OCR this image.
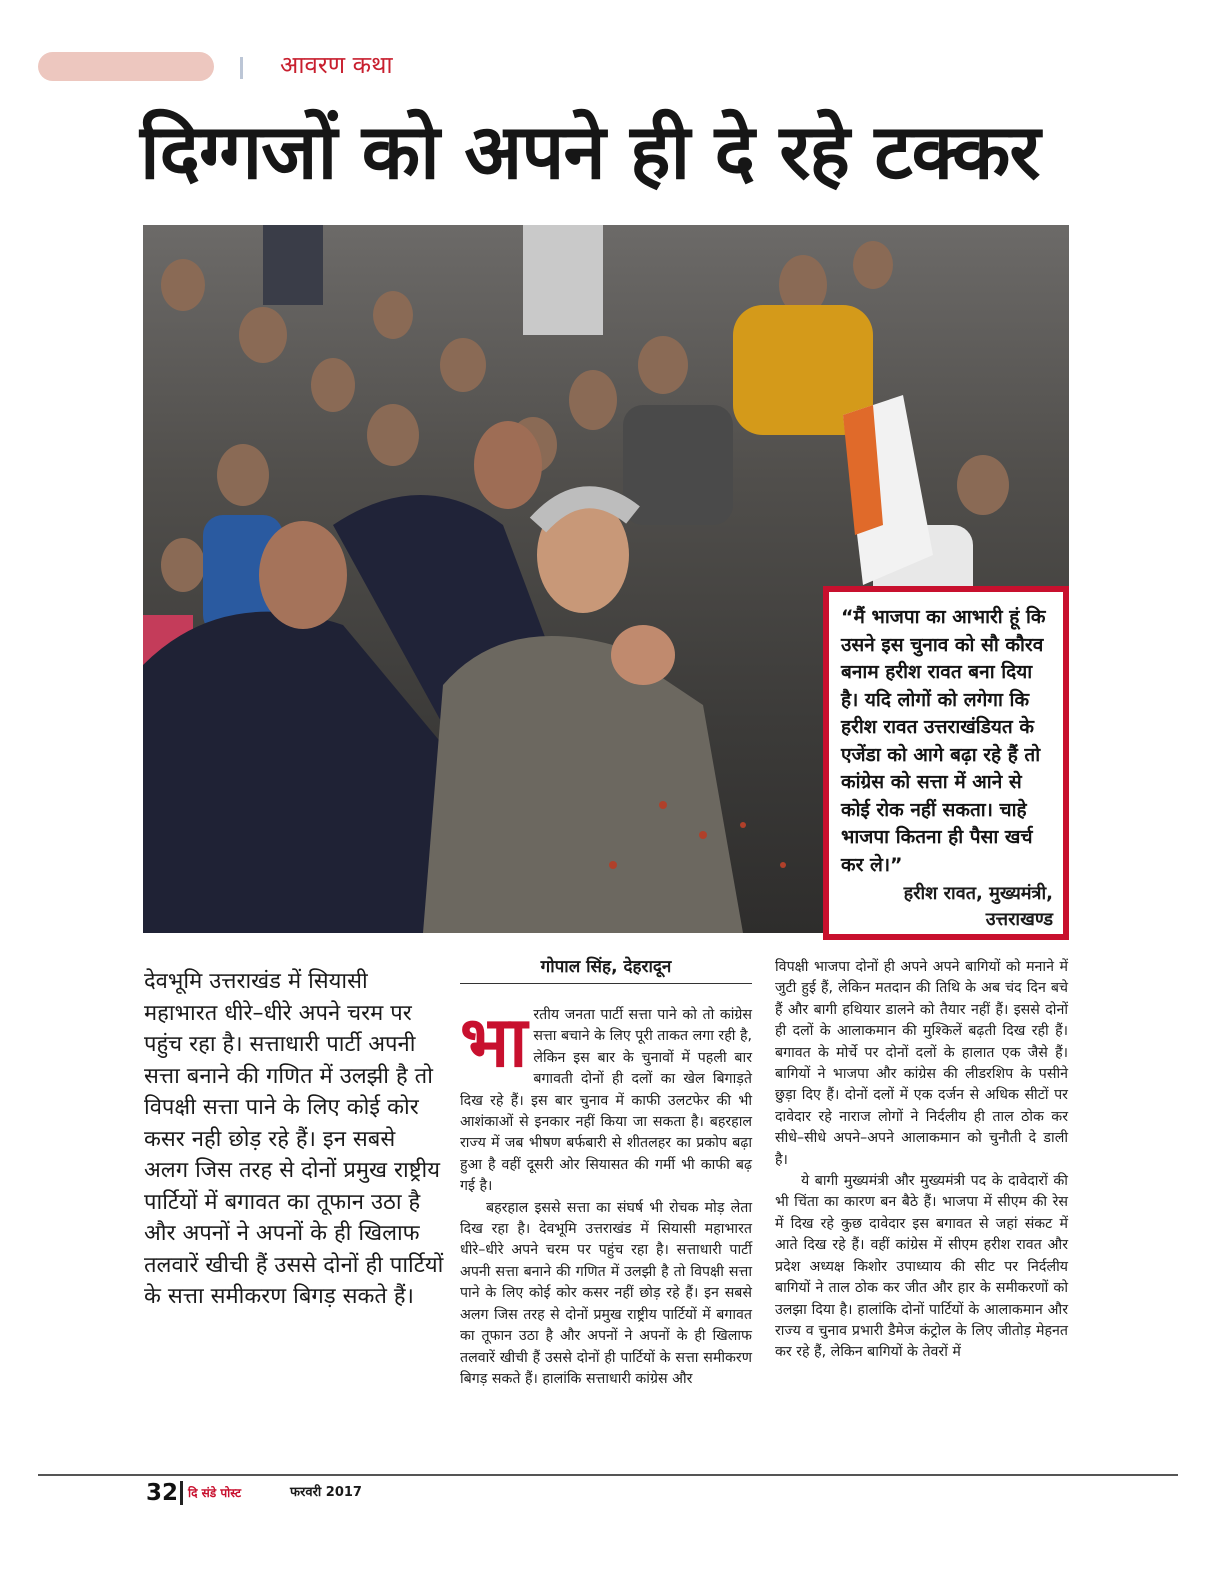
आवरण कथा
दिग्गजों को अपने ही दे रहे टक्कर
“मैं भाजपा का आभारी हूं कि उसने इस चुनाव को सौ कौरव बनाम हरीश रावत बना दिया है। यदि लोगों को लगेगा कि हरीश रावत उत्तराखंडियत के एजेंडा को आगे बढ़ा रहे हैं तो कांग्रेस को सत्ता में आने से कोई रोक नहीं सकता। चाहे भाजपा कितना ही पैसा खर्च कर ले।”
हरीश रावत, मुख्यमंत्री,
उत्तराखण्ड
देवभूमि उत्तराखंड में सियासी महाभारत धीरे–धीरे अपने चरम पर पहुंच रहा है। सत्ताधारी पार्टी अपनी सत्ता बनाने की गणित में उलझी है तो विपक्षी सत्ता पाने के लिए कोई कोर कसर नही छोड़ रहे हैं। इन सबसे अलग जिस तरह से दोनों प्रमुख राष्ट्रीय पार्टियों में बगावत का तूफान उठा है और अपनों ने अपनों के ही खिलाफ तलवारें खीची हैं उससे दोनों ही पार्टियों के सत्ता समीकरण बिगड़ सकते हैं।
गोपाल सिंह, देहरादून
भा रतीय जनता पार्टी सत्ता पाने को तो कांग्रेस सत्ता बचाने के लिए पूरी ताकत लगा रही है, लेकिन इस बार के चुनावों में पहली बार बगावती दोनों ही दलों का खेल बिगाड़ते दिख रहे हैं। इस बार चुनाव में काफी उलटफेर की भी आशंकाओं से इनकार नहीं किया जा सकता है। बहरहाल राज्य में जब भीषण बर्फबारी से शीतलहर का प्रकोप बढ़ा हुआ है वहीं दूसरी ओर सियासत की गर्मी भी काफी बढ़ गई है।

बहरहाल इससे सत्ता का संघर्ष भी रोचक मोड़ लेता दिख रहा है। देवभूमि उत्तराखंड में सियासी महाभारत धीरे–धीरे अपने चरम पर पहुंच रहा है। सत्ताधारी पार्टी अपनी सत्ता बनाने की गणित में उलझी है तो विपक्षी सत्ता पाने के लिए कोई कोर कसर नहीं छोड़ रहे हैं। इन सबसे अलग जिस तरह से दोनों प्रमुख राष्ट्रीय पार्टियों में बगावत का तूफान उठा है और अपनों ने अपनों के ही खिलाफ तलवारें खीची हैं उससे दोनों ही पार्टियों के सत्ता समीकरण बिगड़ सकते हैं। हालांकि सत्ताधारी कांग्रेस और

विपक्षी भाजपा दोनों ही अपने अपने बागियों को मनाने में जुटी हुई हैं, लेकिन मतदान की तिथि के अब चंद दिन बचे हैं और बागी हथियार डालने को तैयार नहीं हैं। इससे दोनों ही दलों के आलाकमान की मुश्किलें बढ़ती दिख रही हैं। बगावत के मोर्चे पर दोनों दलों के हालात एक जैसे हैं। बागियों ने भाजपा और कांग्रेस की लीडरशिप के पसीने छुड़ा दिए हैं। दोनों दलों में एक दर्जन से अधिक सीटों पर दावेदार रहे नाराज लोगों ने निर्दलीय ही ताल ठोक कर सीधे–सीधे अपने–अपने आलाकमान को चुनौती दे डाली है।

ये बागी मुख्यमंत्री और मुख्यमंत्री पद के दावेदारों की भी चिंता का कारण बन बैठे हैं। भाजपा में सीएम की रेस में दिख रहे कुछ दावेदार इस बगावत से जहां संकट में आते दिख रहे हैं। वहीं कांग्रेस में सीएम हरीश रावत और प्रदेश अध्यक्ष किशोर उपाध्याय की सीट पर निर्दलीय बागियों ने ताल ठोक कर जीत और हार के समीकरणों को उलझा दिया है। हालांकि दोनों पार्टियों के आलाकमान और राज्य व चुनाव प्रभारी डैमेज कंट्रोल के लिए जीतोड़ मेहनत कर रहे हैं, लेकिन बागियों के तेवरों में

32 दि संडे पोस्ट	फरवरी 2017
